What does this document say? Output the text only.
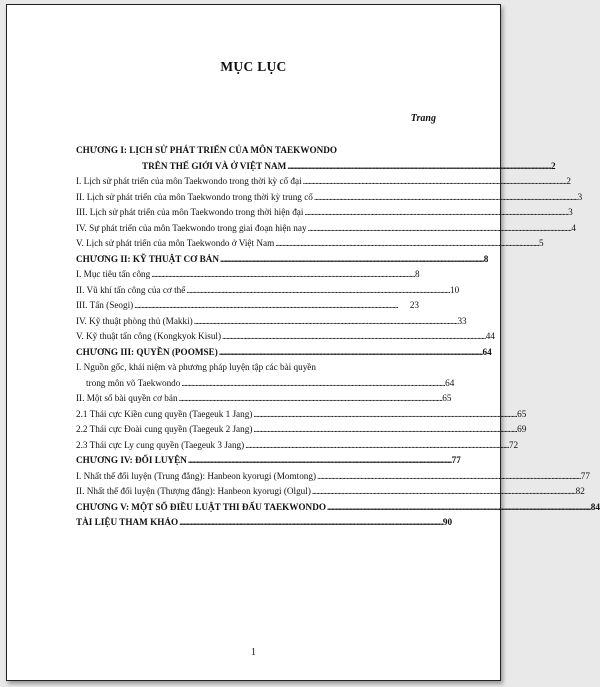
MỤC LỤC
Trang
CHƯƠNG I: LỊCH SỬ PHÁT TRIỂN CỦA MÔN TAEKWONDO
TRÊN THẾ GIỚI VÀ Ở VIỆT NAM . . .	2
I. Lịch sử phát triển của môn Taekwondo trong thời kỳ cổ đại . . .	2
II. Lịch sử phát triển của môn Taekwondo trong thời kỳ trung cổ . . .	3
III. Lịch sử phát triển của môn Taekwondo trong thời hiện đại . . .	3
IV. Sự phát triển của môn Taekwondo trong giai đoạn hiện nay . . .	4
V. Lịch sử phát triển của môn Taekwondo ở Việt Nam . . .	5
CHƯƠNG II: KỸ THUẬT CƠ BẢN . . .	8
I. Mục tiêu tấn công . . .	8
II. Vũ khí tấn công của cơ thể . . .	10
III. Tấn (Seogi) . . .	23
IV. Kỹ thuật phòng thủ (Makki) . . .	33
V. Kỹ thuật tấn công (Kongkyok Kisul) . . .	44
CHƯƠNG III: QUYỀN (POOMSE) . . .	64
I. Nguồn gốc, khái niệm và phương pháp luyện tập các bài quyền
trong môn võ Taekwondo . . .	64
II. Một số bài quyền cơ bản . . .	65
2.1 Thái cực Kiền cung quyền (Taegeuk 1 Jang) . . .	65
2.2 Thái cực Đoài cung quyền (Taegeuk 2 Jang) . . .	69
2.3 Thái cực Ly cung quyền (Taegeuk 3 Jang) . . .	72
CHƯƠNG IV: ĐỐI LUYỆN . . .	77
I. Nhất thế đối luyện (Trung đẳng): Hanbeon kyorugi (Momtong) . . .	77
II. Nhất thế đối luyện (Thượng đẳng): Hanbeon kyorugi (Olgul) . . .	82
CHƯƠNG V: MỘT SỐ ĐIỀU LUẬT THI ĐẤU TAEKWONDO . . .	84
TÀI LIỆU THAM KHẢO . . .	90
1
